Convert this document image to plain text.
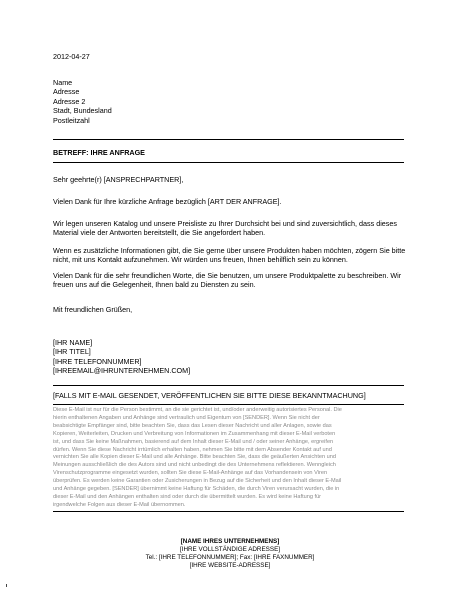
2012-04-27
Name
Adresse
Adresse 2
Stadt, Bundesland
Postleitzahl
BETREFF: IHRE ANFRAGE
Sehr geehrte(r) [ANSPRECHPARTNER],
Vielen Dank für Ihre kürzliche Anfrage bezüglich [ART DER ANFRAGE].
Wir legen unseren Katalog und unsere Preisliste zu Ihrer Durchsicht bei und sind zuversichtlich, dass dieses Material viele der Antworten bereitstellt, die Sie angefordert haben.
Wenn es zusätzliche Informationen gibt, die Sie gerne über unsere Produkten haben möchten, zögern Sie bitte nicht, mit uns Kontakt aufzunehmen. Wir würden uns freuen, Ihnen behilflich sein zu können.
Vielen Dank für die sehr freundlichen Worte, die Sie benutzen, um unsere Produktpalette zu beschreiben. Wir freuen uns auf die Gelegenheit, Ihnen bald zu Diensten zu sein.
Mit freundlichen Grüßen,
[IHR NAME]
[IHR TITEL]
[IHRE TELEFONNUMMER]
[IHREEMAIL@IHRUNTERNEHMEN.COM]
[FALLS MIT E-MAIL GESENDET, VERÖFFENTLICHEN SIE BITTE DIESE BEKANNTMACHUNG]
Diese E-Mail ist nur für die Person bestimmt, an die sie gerichtet ist, und/oder anderweitig autorisiertes Personal. Die
hierin enthaltenen Angaben und Anhänge sind vertraulich und Eigentum von [SENDER]. Wenn Sie nicht der
beabsichtigte Empfänger sind, bitte beachten Sie, dass das Lesen dieser Nachricht und aller Anlagen, sowie das
Kopieren, Weiterleiten, Drucken und Verbreitung von Informationen im Zusammenhang mit dieser E-Mail verboten
ist, und dass Sie keine Maßnahmen, basierend auf dem Inhalt dieser E-Mail und / oder seiner Anhänge, ergreifen
dürfen. Wenn Sie diese Nachricht irrtümlich erhalten haben, nehmen Sie bitte mit dem Absender Kontakt auf und
vernichten Sie alle Kopien dieser E-Mail und alle Anhänge. Bitte beachten Sie, dass die geäußerten Ansichten und
Meinungen ausschließlich die des Autors sind und nicht unbedingt die des Unternehmens reflektieren. Wenngleich
Virenschutzprogramme eingesetzt wurden, sollten Sie diese E-Mail-Anhänge auf das Vorhandensein von Viren
überprüfen. Es werden keine Garantien oder Zusicherungen in Bezug auf die Sicherheit und den Inhalt dieser E-Mail
und Anhänge gegeben. [SENDER] übernimmt keine Haftung für Schäden, die durch Viren verursacht wurden, die in
dieser E-Mail und den Anhängen enthalten sind oder durch die übermittelt wurden. Es wird keine Haftung für
irgendwelche Folgen aus dieser E-Mail übernommen.
[NAME IHRES UNTERNEHMENS]
[IHRE VOLLSTÄNDIGE ADRESSE]
Tel.: [IHRE TELEFONNUMMER]; Fax: [IHRE FAXNUMMER]
[IHRE WEBSITE-ADRESSE]
